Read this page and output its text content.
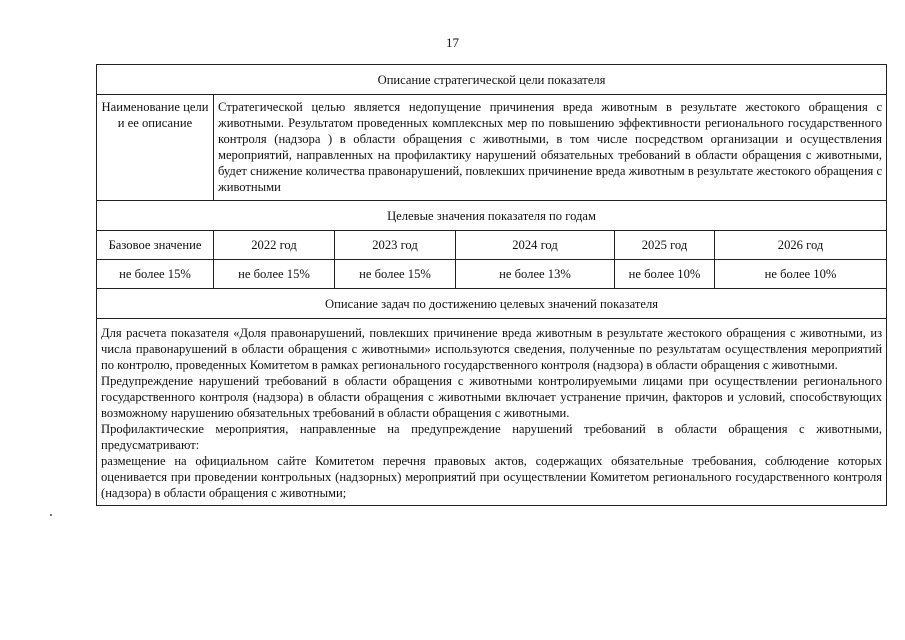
17
Описание стратегической цели показателя					
Наименование цели и ее описание	Стратегической целью является недопущение причинения вреда животным в результате жестокого обращения с животными. Результатом проведенных комплексных мер по повышению эффективности регионального государственного контроля (надзора ) в области обращения с животными, в том числе посредством организации и осуществления мероприятий, направленных на профилактику нарушений обязательных требований в области обращения с животными, будет снижение количества правонарушений, повлекших причинение вреда животным в результате жестокого обращения с животными				
Целевые значения показателя по годам					
Базовое значение	2022 год	2023 год	2024 год	2025 год	2026 год
не более 15%	не более 15%	не более 15%	не более 13%	не более 10%	не более 10%
Описание задач по достижению целевых значений показателя					

Для расчета показателя «Доля правонарушений, повлекших причинение вреда животным в результате жестокого обращения с животными, из числа правонарушений в области обращения с животными» используются сведения, полученные по результатам осуществления мероприятий по контролю, проведенных Комитетом в рамках регионального государственного контроля (надзора) в области обращения с животными.

Предупреждение нарушений требований в области обращения с животными контролируемыми лицами при осуществлении регионального государственного контроля (надзора) в области обращения с животными включает устранение причин, факторов и условий, способствующих возможному нарушению обязательных требований в области обращения с животными.

Профилактические мероприятия, направленные на предупреждение нарушений требований в области обращения с животными, предусматривают:

размещение на официальном сайте Комитетом перечня правовых актов, содержащих обязательные требования, соблюдение которых оценивается при проведении контрольных (надзорных) мероприятий при осуществлении Комитетом регионального государственного контроля (надзора) в области обращения с животными;					
